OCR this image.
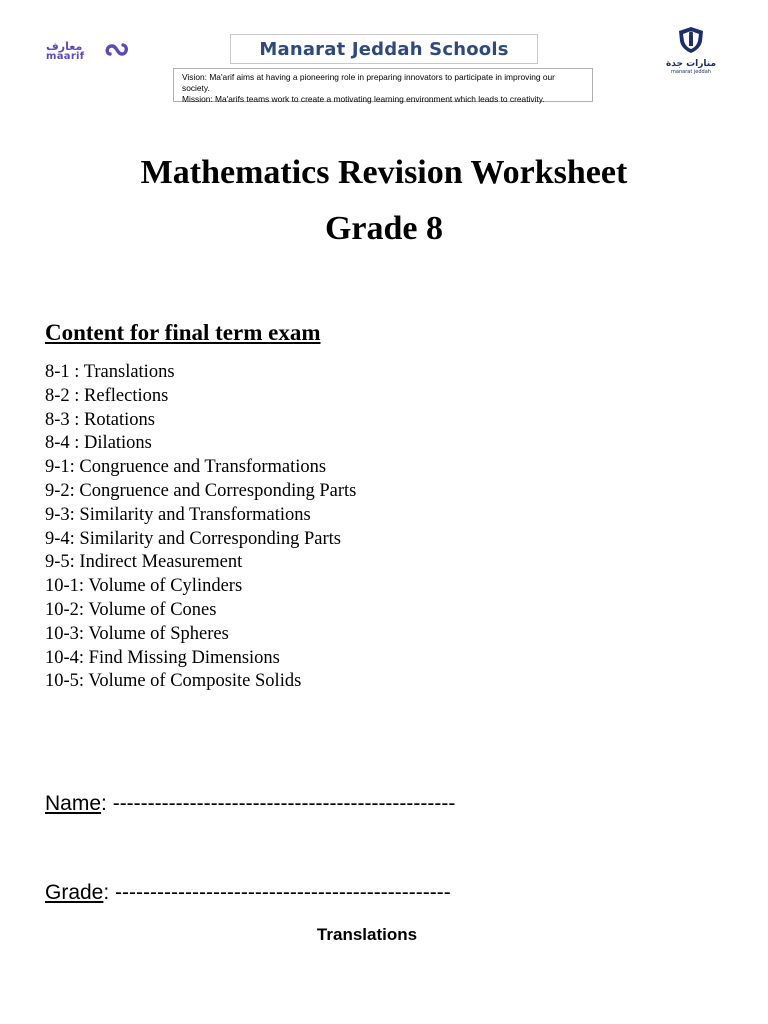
معارف
maarif	Manarat Jeddah Schools
Vision: Ma'arif aims at having a pioneering role in preparing innovators to participate in improving our society.
Mission: Ma'arifs teams work to create a motivating learning environment which leads to creativity.
منارات جدة
manarat jeddah
Mathematics Revision Worksheet
Grade 8
Content for final term exam
8-1 : Translations
8-2 : Reflections
8-3 : Rotations
8-4 : Dilations
9-1: Congruence and Transformations
9-2: Congruence and Corresponding Parts
9-3: Similarity and Transformations
9-4: Similarity and Corresponding Parts
9-5: Indirect Measurement
10-1: Volume of Cylinders
10-2: Volume of Cones
10-3: Volume of Spheres
10-4: Find Missing Dimensions
10-5: Volume of Composite Solids
Name: -------------------------------------------------
Grade: ------------------------------------------------
Translations
